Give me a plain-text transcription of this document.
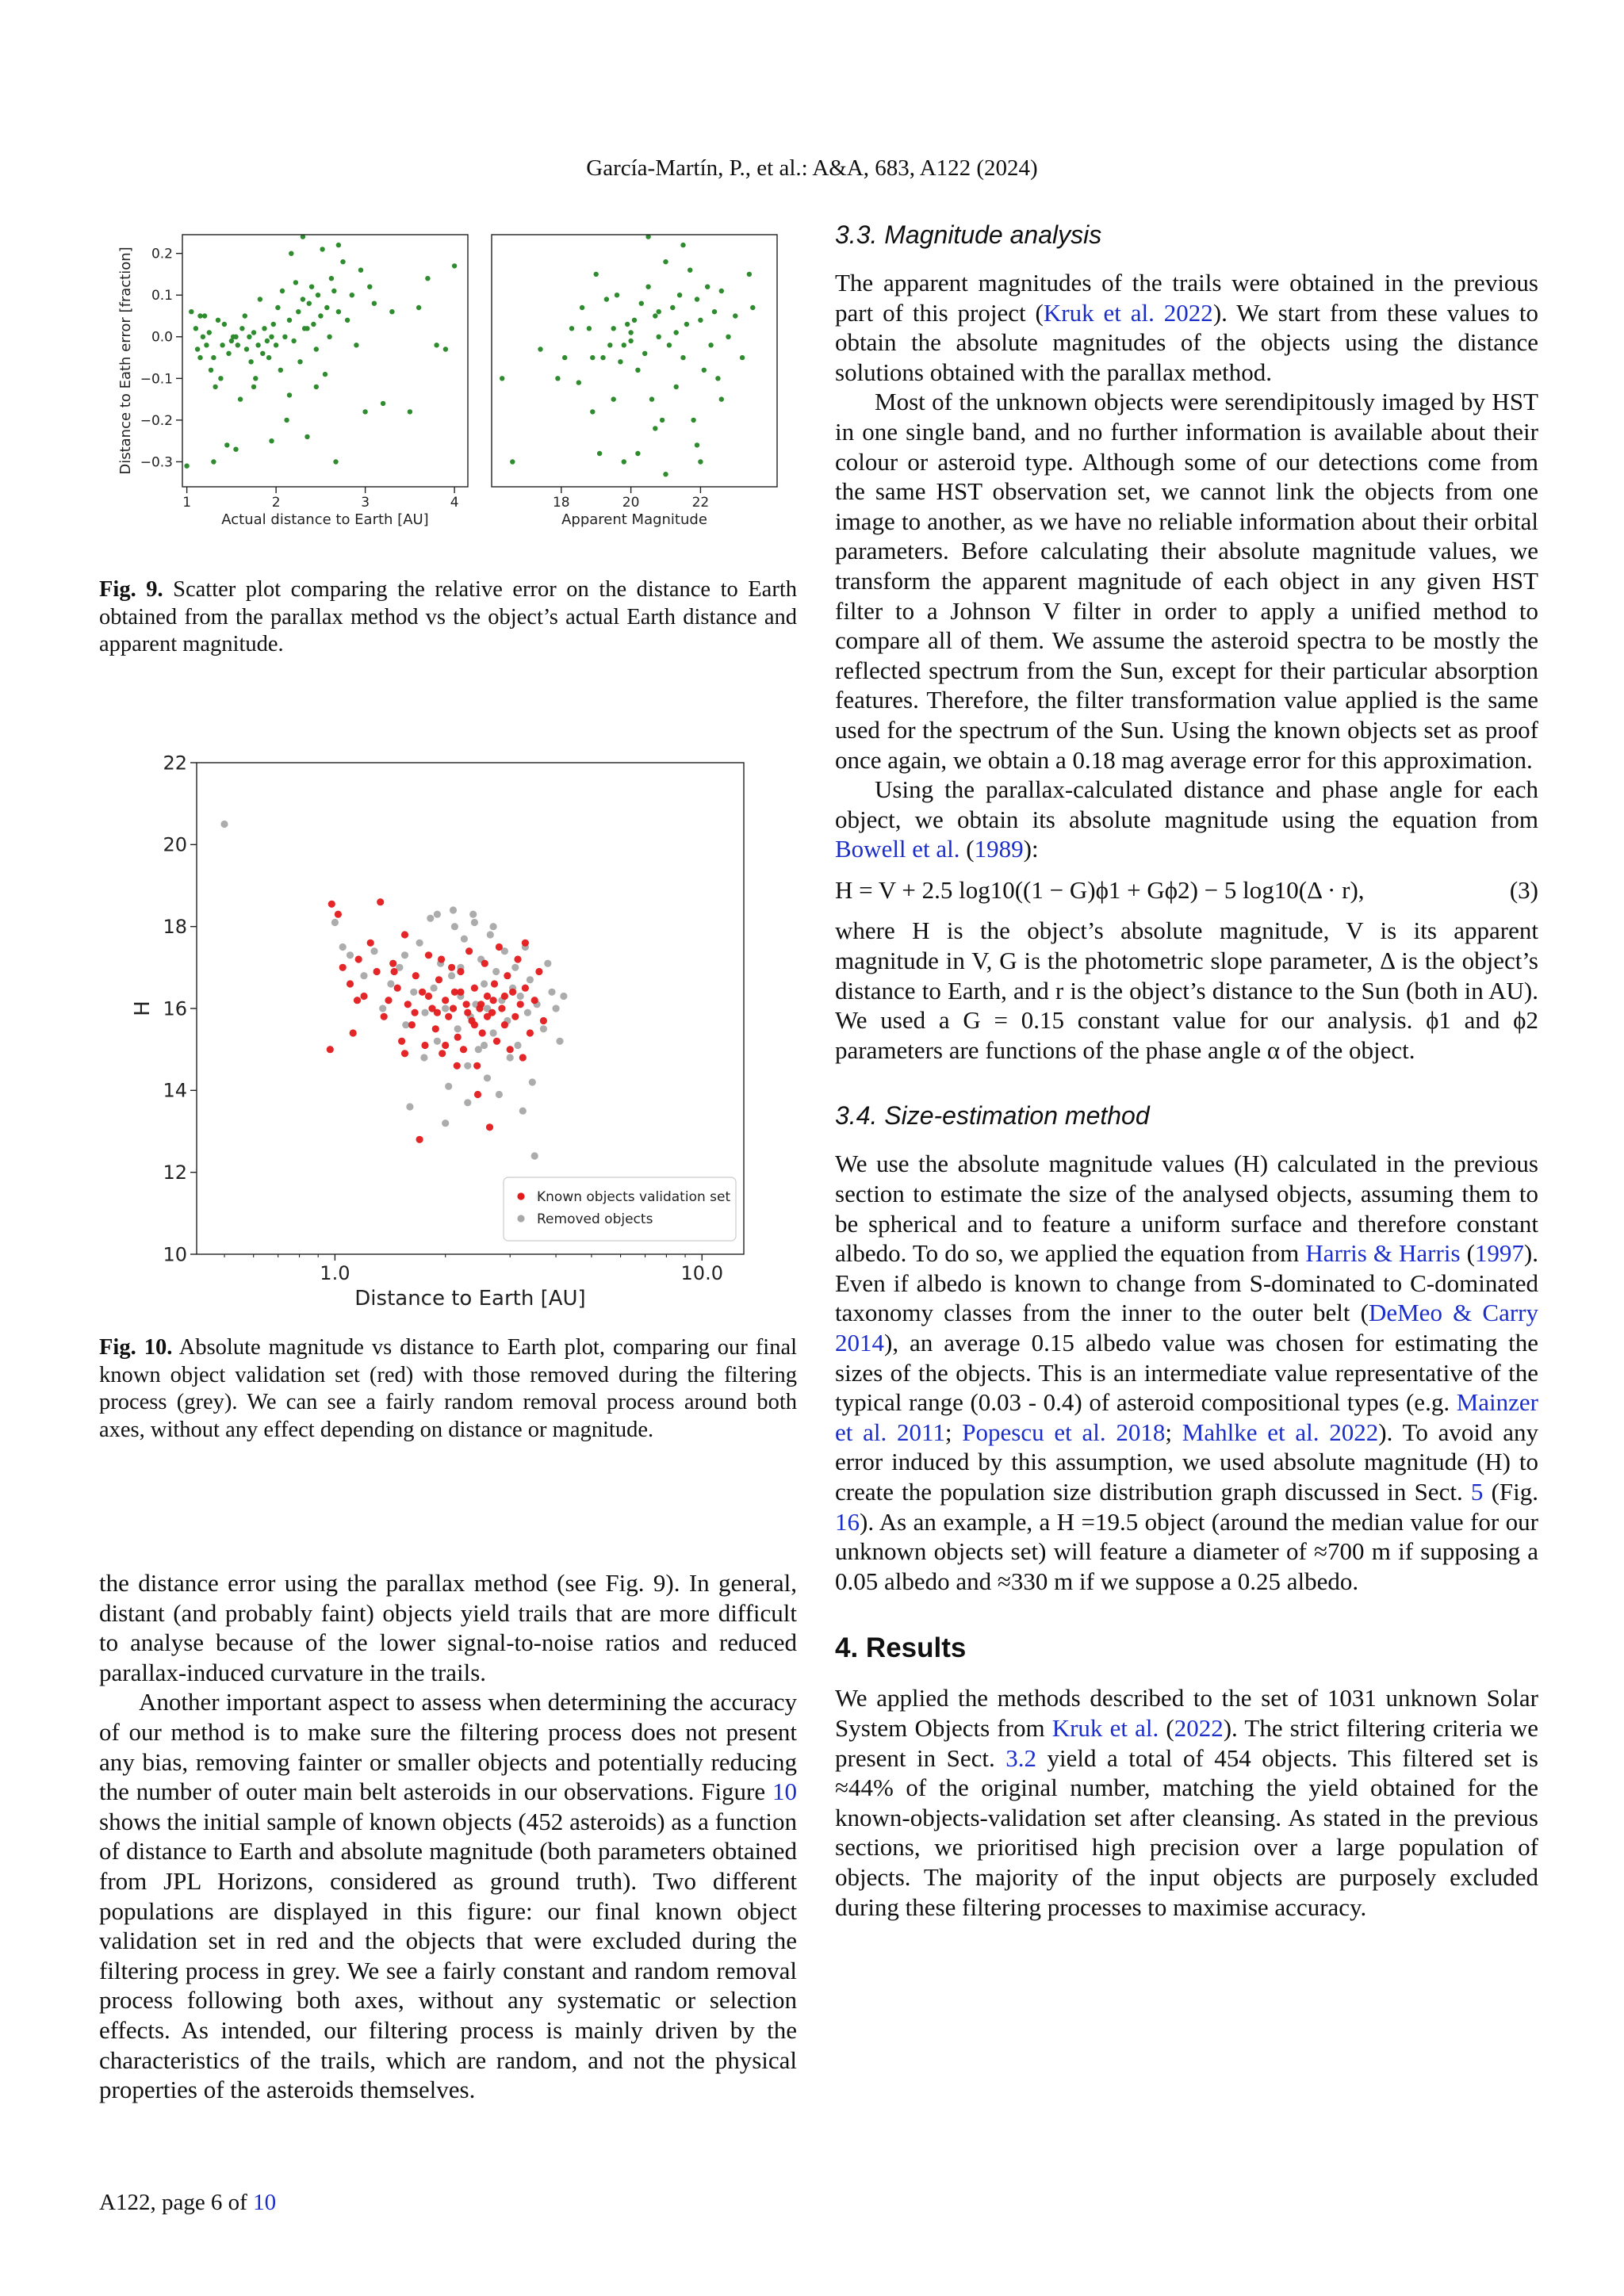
García-Martín, P., et al.: A&A, 683, A122 (2024)
1	2	3	4
0.2
0.1
0.0
−0.1
−0.2
−0.3
Actual distance to Earth [AU]
Distance to Eath error [fraction]
18	20	22
Apparent Magnitude
Fig. 9. Scatter plot comparing the relative error on the distance to Earth obtained from the parallax method vs the object’s actual Earth distance and apparent magnitude.
1.0	10.0
10
12
14
16
18
20
22
Distance to Earth [AU]
H
Known objects validation set
Removed objects
Fig. 10. Absolute magnitude vs distance to Earth plot, comparing our final known object validation set (red) with those removed during the filtering process (grey). We can see a fairly random removal process around both axes, without any effect depending on distance or magnitude.

the distance error using the parallax method (see Fig. 9). In general, distant (and probably faint) objects yield trails that are more difficult to analyse because of the lower signal-to-noise ratios and reduced parallax-induced curvature in the trails.

Another important aspect to assess when determining the accuracy of our method is to make sure the filtering process does not present any bias, removing fainter or smaller objects and potentially reducing the number of outer main belt asteroids in our observations. Figure 10 shows the initial sample of known objects (452 asteroids) as a function of distance to Earth and absolute magnitude (both parameters obtained from JPL Horizons, considered as ground truth). Two different populations are displayed in this figure: our final known object validation set in red and the objects that were excluded during the filtering process in grey. We see a fairly constant and random removal process following both axes, without any systematic or selection effects. As intended, our filtering process is mainly driven by the characteristics of the trails, which are random, and not the physical properties of the asteroids themselves.

3.3. Magnitude analysis

The apparent magnitudes of the trails were obtained in the previous part of this project (Kruk et al. 2022). We start from these values to obtain the absolute magnitudes of the objects using the distance solutions obtained with the parallax method.

Most of the unknown objects were serendipitously imaged by HST in one single band, and no further information is available about their colour or asteroid type. Although some of our detections come from the same HST observation set, we cannot link the objects from one image to another, as we have no reliable information about their orbital parameters. Before calculating their absolute magnitude values, we transform the apparent magnitude of each object in any given HST filter to a Johnson V filter in order to apply a unified method to compare all of them. We assume the asteroid spectra to be mostly the reflected spectrum from the Sun, except for their particular absorption features. Therefore, the filter transformation value applied is the same used for the spectrum of the Sun. Using the known objects set as proof once again, we obtain a 0.18 mag average error for this approximation.

Using the parallax-calculated distance and phase angle for each object, we obtain its absolute magnitude using the equation from Bowell et al. (1989):

H = V + 2.5 log10((1 − G)ϕ1 + Gϕ2) − 5 log10(Δ · r),	(3)

where H is the object’s absolute magnitude, V is its apparent magnitude in V, G is the photometric slope parameter, Δ is the object’s distance to Earth, and r is the object’s distance to the Sun (both in AU). We used a G = 0.15 constant value for our analysis. ϕ1 and ϕ2 parameters are functions of the phase angle α of the object.

3.4. Size-estimation method

We use the absolute magnitude values (H) calculated in the previous section to estimate the size of the analysed objects, assuming them to be spherical and to feature a uniform surface and therefore constant albedo. To do so, we applied the equation from Harris & Harris (1997). Even if albedo is known to change from S-dominated to C-dominated taxonomy classes from the inner to the outer belt (DeMeo & Carry 2014), an average 0.15 albedo value was chosen for estimating the sizes of the objects. This is an intermediate value representative of the typical range (0.03 - 0.4) of asteroid compositional types (e.g. Mainzer et al. 2011; Popescu et al. 2018; Mahlke et al. 2022). To avoid any error induced by this assumption, we used absolute magnitude (H) to create the population size distribution graph discussed in Sect. 5 (Fig. 16). As an example, a H =19.5 object (around the median value for our unknown objects set) will feature a diameter of ≈700 m if supposing a 0.05 albedo and ≈330 m if we suppose a 0.25 albedo.

4. Results

We applied the methods described to the set of 1031 unknown Solar System Objects from Kruk et al. (2022). The strict filtering criteria we present in Sect. 3.2 yield a total of 454 objects. This filtered set is ≈44% of the original number, matching the yield obtained for the known-objects-validation set after cleansing. As stated in the previous sections, we prioritised high precision over a large population of objects. The majority of the input objects are purposely excluded during these filtering processes to maximise accuracy.

A122, page 6 of 10
